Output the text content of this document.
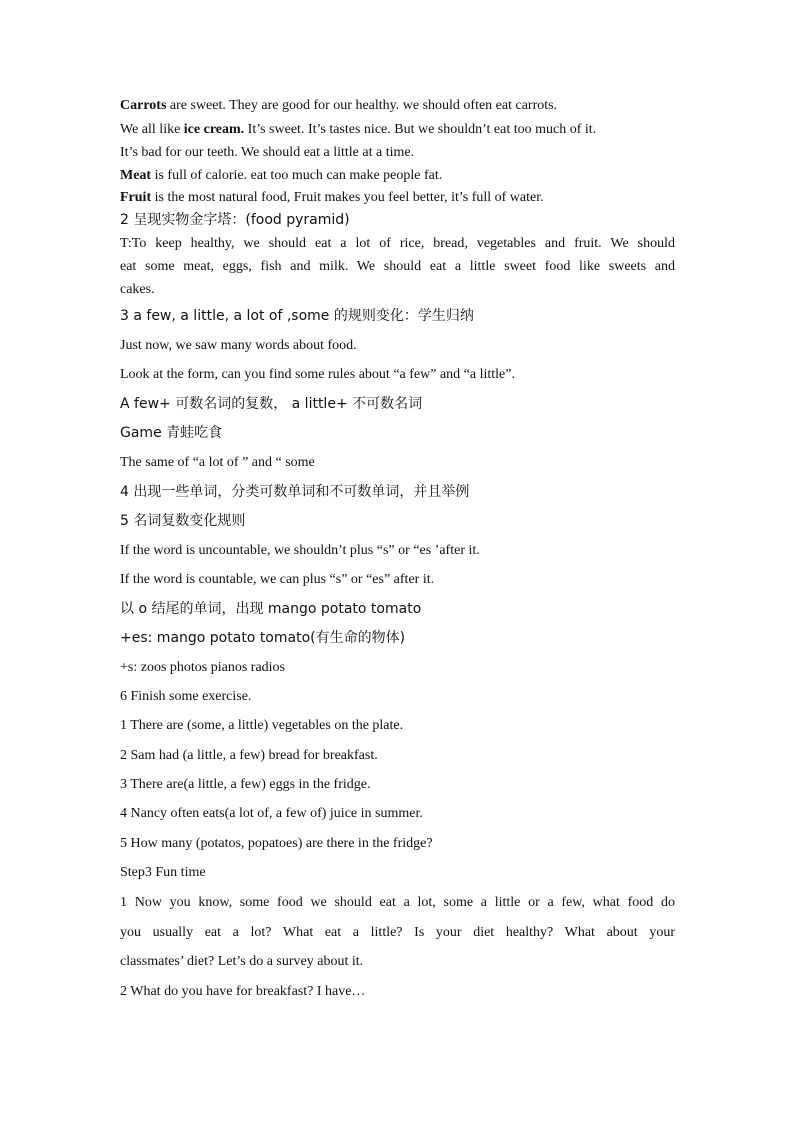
Carrots are sweet. They are good for our healthy. we should often eat carrots.
We all like ice cream. It’s sweet. It’s tastes nice. But we shouldn’t eat too much of it.
It’s bad for our teeth. We should eat a little at a time.
Meat is full of calorie. eat too much can make people fat.
Fruit is the most natural food, Fruit makes you feel better, it’s full of water.
2 呈现实物金字塔：(food pyramid)
T:To keep healthy, we should eat a lot of rice, bread, vegetables and fruit. We should
eat some meat, eggs, fish and milk. We should eat a little sweet food like sweets and
cakes.
3 a few, a little, a lot of ,some 的规则变化：学生归纳
Just now, we saw many words about food.
Look at the form, can you find some rules about “a few” and “a little”.
A few+ 可数名词的复数， a little+ 不可数名词
Game 青蛙吃食
The same of “a lot of ” and “ some
4 出现一些单词，分类可数单词和不可数单词，并且举例
5 名词复数变化规则
If the word is uncountable, we shouldn’t plus “s” or “es ’after it.
If the word is countable, we can plus “s” or “es” after it.
以 o 结尾的单词，出现 mango potato tomato
+es: mango potato tomato(有生命的物体)
+s: zoos photos pianos radios
6 Finish some exercise.
1 There are (some, a little) vegetables on the plate.
2 Sam had (a little, a few) bread for breakfast.
3 There are(a little, a few) eggs in the fridge.
4 Nancy often eats(a lot of, a few of) juice in summer.
5 How many (potatos, popatoes) are there in the fridge?
Step3 Fun time
1 Now you know, some food we should eat a lot, some a little or a few, what food do
you usually eat a lot? What eat a little? Is your diet healthy? What about your
classmates’ diet? Let’s do a survey about it.
2 What do you have for breakfast? I have…
